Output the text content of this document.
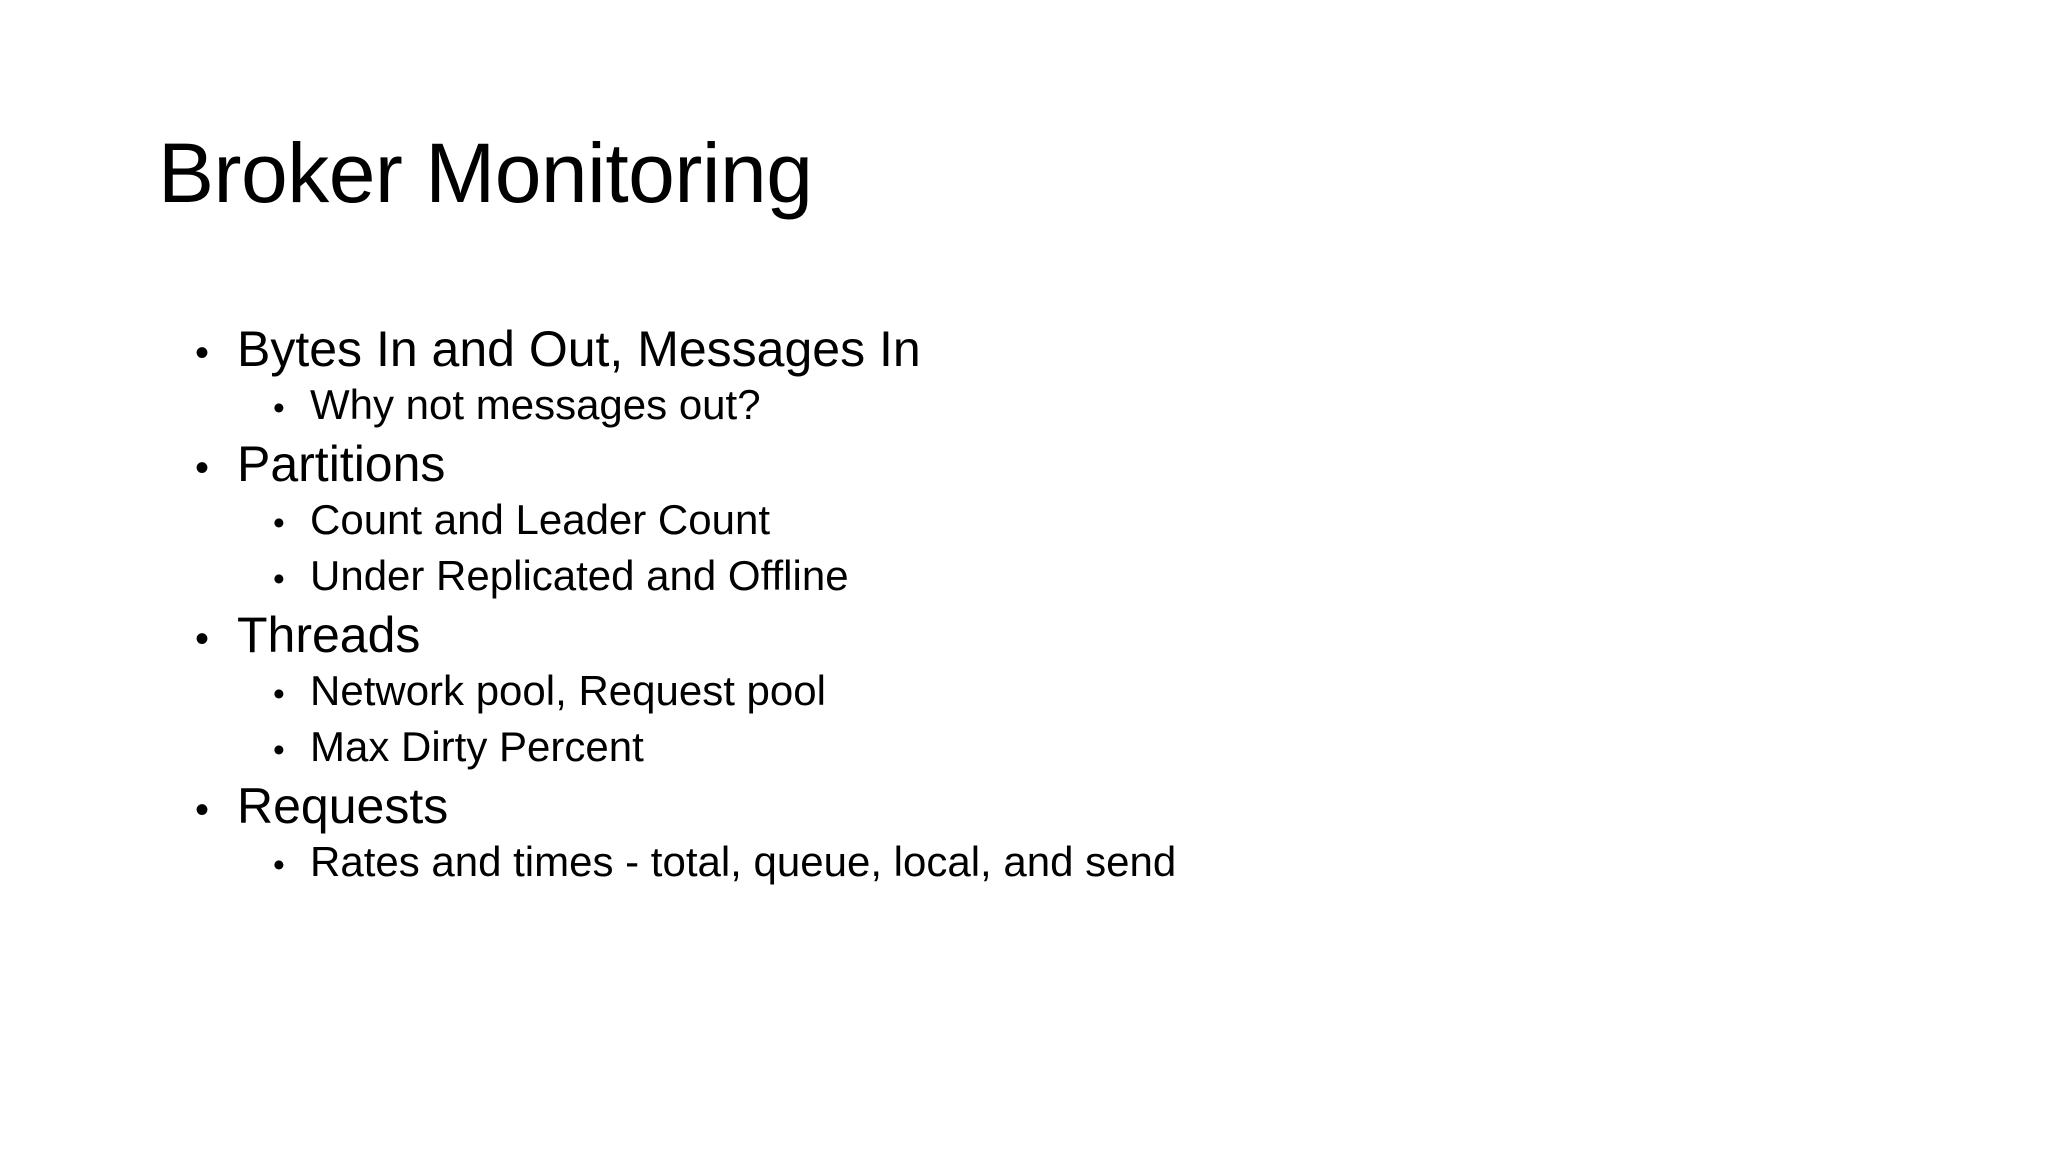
Broker Monitoring
• Bytes In and Out, Messages In
• Why not messages out?
• Partitions
• Count and Leader Count
• Under Replicated and Offline
• Threads
• Network pool, Request pool
• Max Dirty Percent
• Requests
• Rates and times - total, queue, local, and send
